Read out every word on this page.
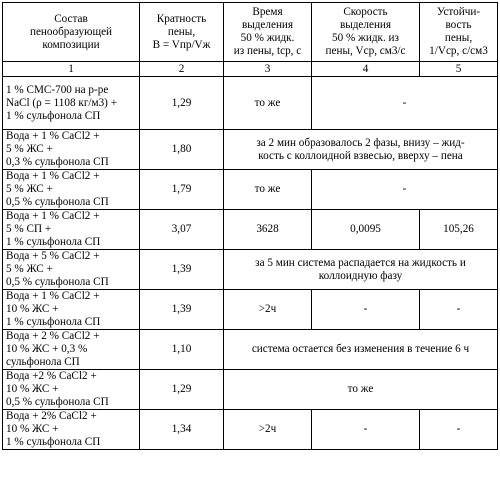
Состав
пенообразующей
композиции	Кратность
пены,
B = Vпр/Vж	Время
выделения
50 % жидк.
из пены, tср, с	Скорость
выделения
50 % жидк. из
пены, Vср, см3/с	Устойчи-
вость
пены,
1/Vср, с/см3
1	2	3	4	5
1 % CMC-700 на р-ре
NaCl (ρ = 1108 кг/м3) +
1 % сульфонола СП	1,29	то же	-	
Вода + 1 % CaCl2 +
5 % ЖС +
0,3 % сульфонола СП	1,80	за 2 мин образовалось 2 фазы, внизу – жид-
кость с коллоидной взвесью, вверху – пена		
Вода + 1 % CaCl2 +
5 % ЖС +
0,5 % сульфонола СП	1,79	то же	-	
Вода + 1 % CaCl2 +
5 % СП +
1 % сульфонола СП	3,07	3628	0,0095	105,26
Вода + 5 % CaCl2 +
5 % ЖС +
0,5 % сульфонола СП	1,39	за 5 мин система распадается на жидкость и
коллоидную фазу		
Вода + 1 % CaCl2 +
10 % ЖС +
1 % сульфонола СП	1,39	>2ч	-	-
Вода + 2 % CaCl2 +
10 % ЖС + 0,3 %
сульфонола СП	1,10	система остается без изменения в течение 6 ч		
Вода +2 % CaCl2 +
10 % ЖС +
0,5 % сульфонола СП	1,29	то же		
Вода + 2% CaCl2 +
10 % ЖС +
1 % сульфонола СП	1,34	>2ч	-	-
